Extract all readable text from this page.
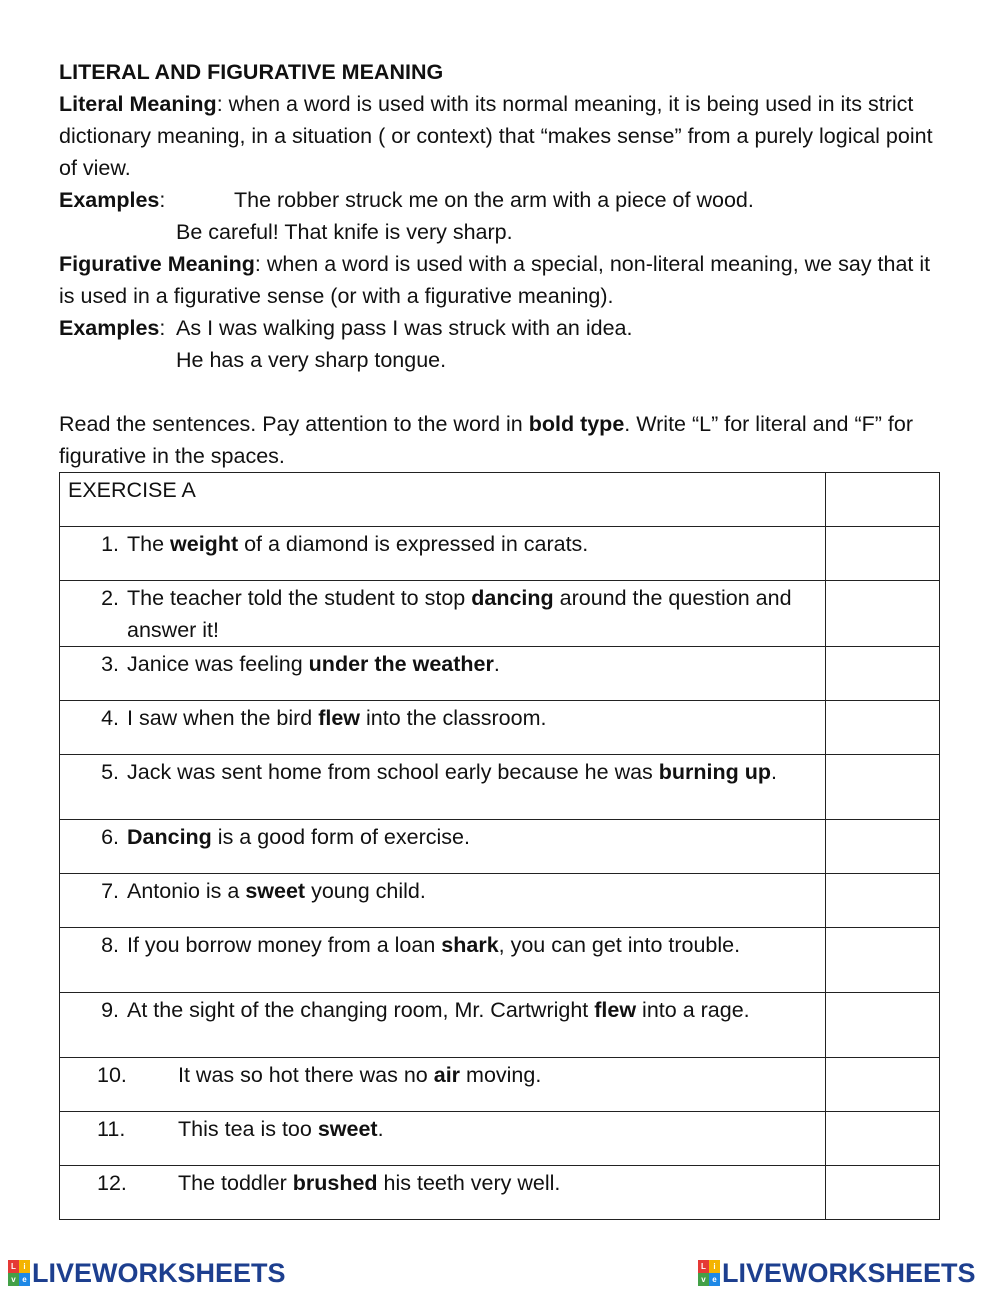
LITERAL AND FIGURATIVE MEANING

Literal Meaning: when a word is used with its normal meaning, it is being used in its strict dictionary meaning, in a situation ( or context) that “makes sense” from a purely logical point of view.

Examples:	The robber struck me on the arm with a piece of wood.
Be careful! That knife is very sharp.

Figurative Meaning: when a word is used with a special, non-literal meaning, we say that it is used in a figurative sense (or with a figurative meaning).

Examples: As I was walking pass I was struck with an idea.
He has a very sharp tongue.

Read the sentences. Pay attention to the word in bold type. Write “L” for literal and “F” for figurative in the spaces.

EXERCISE A	

1. The weight of a diamond is expressed in carats.

2. The teacher told the student to stop dancing around the question and answer it!

3. Janice was feeling under the weather.

4. I saw when the bird flew into the classroom.

5. Jack was sent home from school early because he was burning up.

6. Dancing is a good form of exercise.

7. Antonio is a sweet young child.

8. If you borrow money from a loan shark, you can get into trouble.

9. At the sight of the changing room, Mr. Cartwright flew into a rage.

10. It was so hot there was no air moving.

11. This tea is too sweet.

12. The toddler brushed his teeth very well.

L i
v e LIVEWORKSHEETS	L i
v e LIVEWORKSHEETS
